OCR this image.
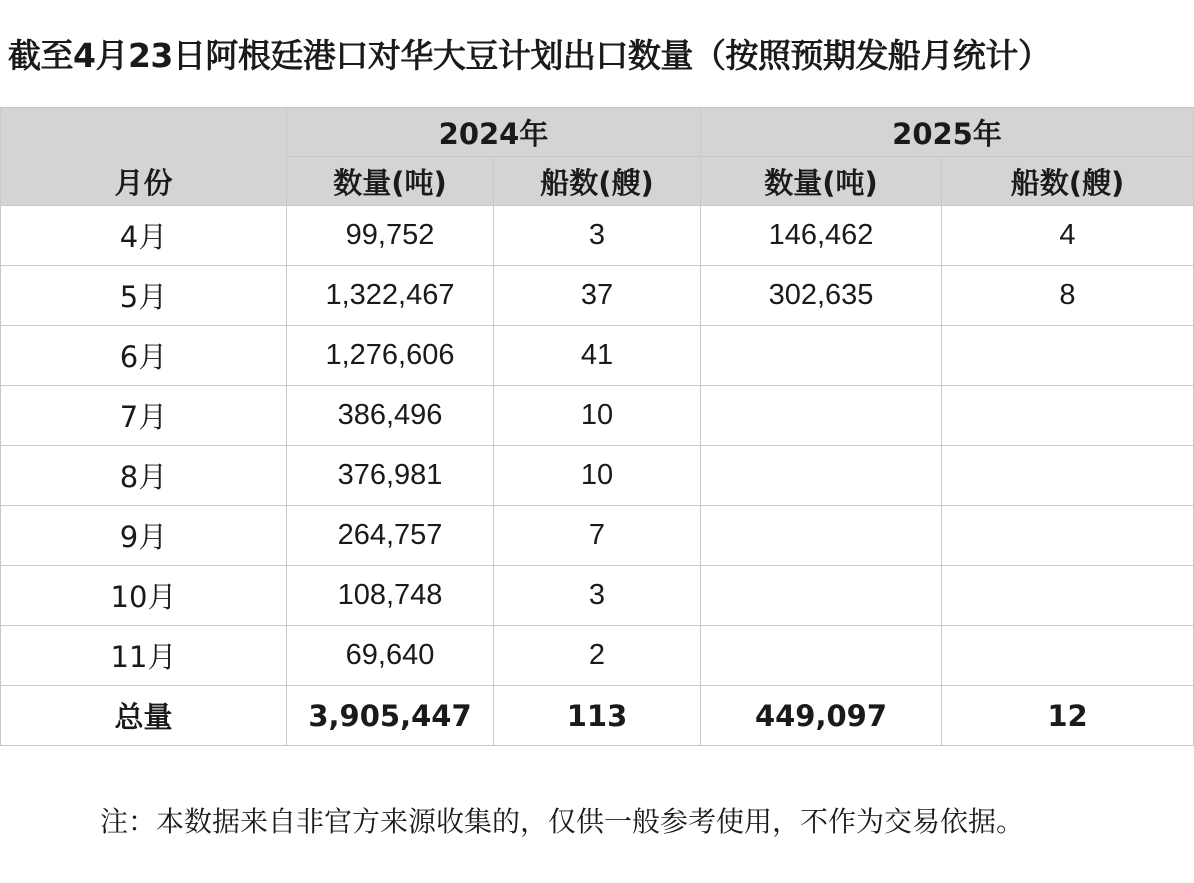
截至4月23日阿根廷港口对华大豆计划出口数量（按照预期发船月统计）
	2024年		2025年	
月份	数量(吨)	船数(艘)	数量(吨)	船数(艘)
4月	99,752	3	146,462	4
5月	1,322,467	37	302,635	8
6月	1,276,606	41		
7月	386,496	10		
8月	376,981	10		
9月	264,757	7		
10月	108,748	3		
11月	69,640	2		
总量	3,905,447	113	449,097	12
注：本数据来自非官方来源收集的，仅供一般参考使用，不作为交易依据。
